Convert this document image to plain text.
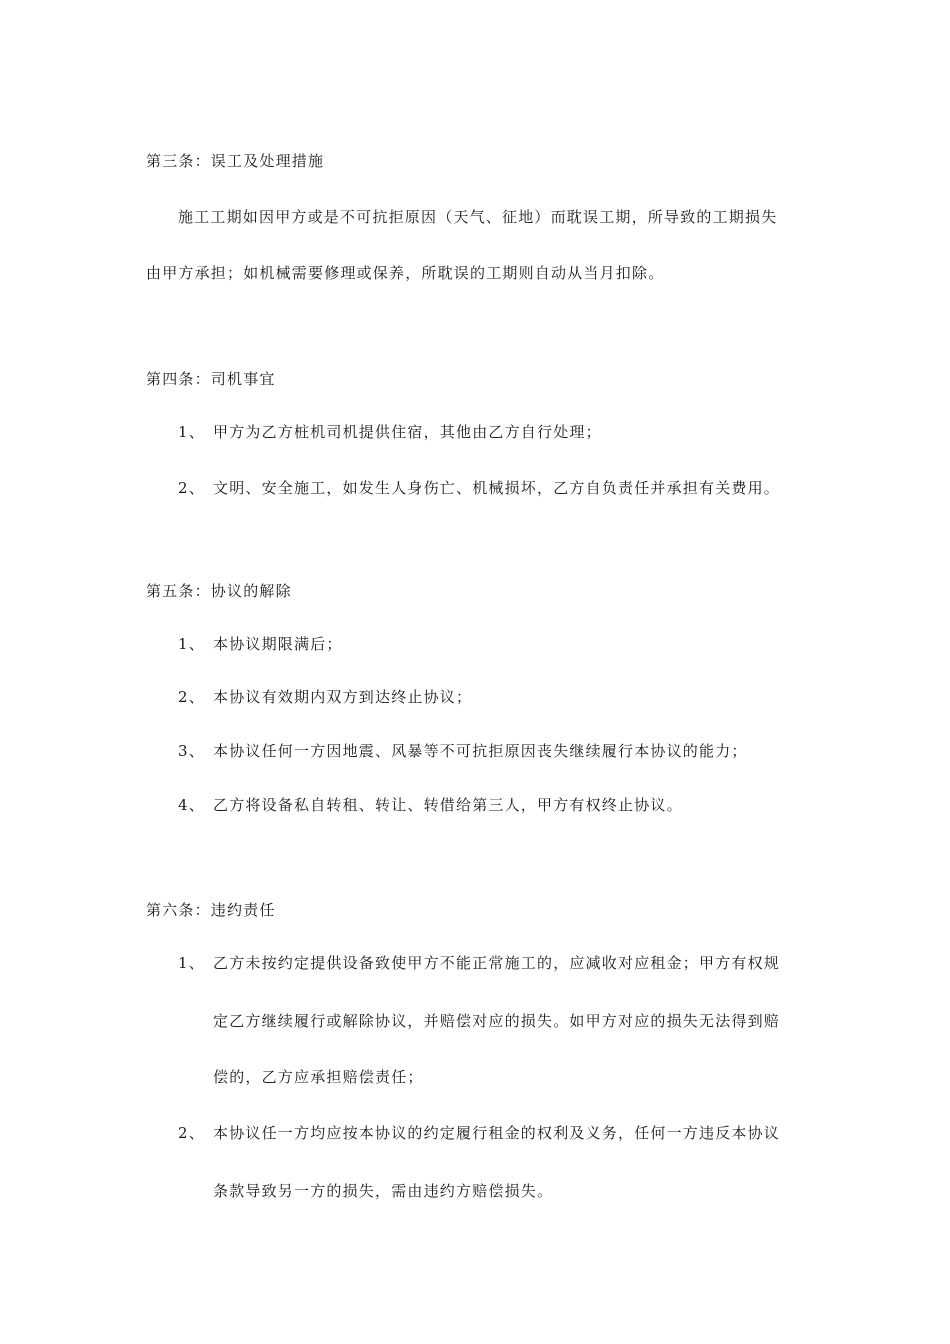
第三条：误工及处理措施
施工工期如因甲方或是不可抗拒原因（天气、征地）而耽误工期，所导致的工期损失
由甲方承担；如机械需要修理或保养，所耽误的工期则自动从当月扣除。
第四条：司机事宜
1、 甲方为乙方桩机司机提供住宿，其他由乙方自行处理；
2、 文明、安全施工，如发生人身伤亡、机械损坏，乙方自负责任并承担有关费用。
第五条：协议的解除
1、 本协议期限满后；
2、 本协议有效期内双方到达终止协议；
3、 本协议任何一方因地震、风暴等不可抗拒原因丧失继续履行本协议的能力；
4、 乙方将设备私自转租、转让、转借给第三人，甲方有权终止协议。
第六条：违约责任
1、 乙方未按约定提供设备致使甲方不能正常施工的，应减收对应租金；甲方有权规
定乙方继续履行或解除协议，并赔偿对应的损失。如甲方对应的损失无法得到赔
偿的，乙方应承担赔偿责任；
2、 本协议任一方均应按本协议的约定履行租金的权利及义务，任何一方违反本协议
条款导致另一方的损失，需由违约方赔偿损失。
